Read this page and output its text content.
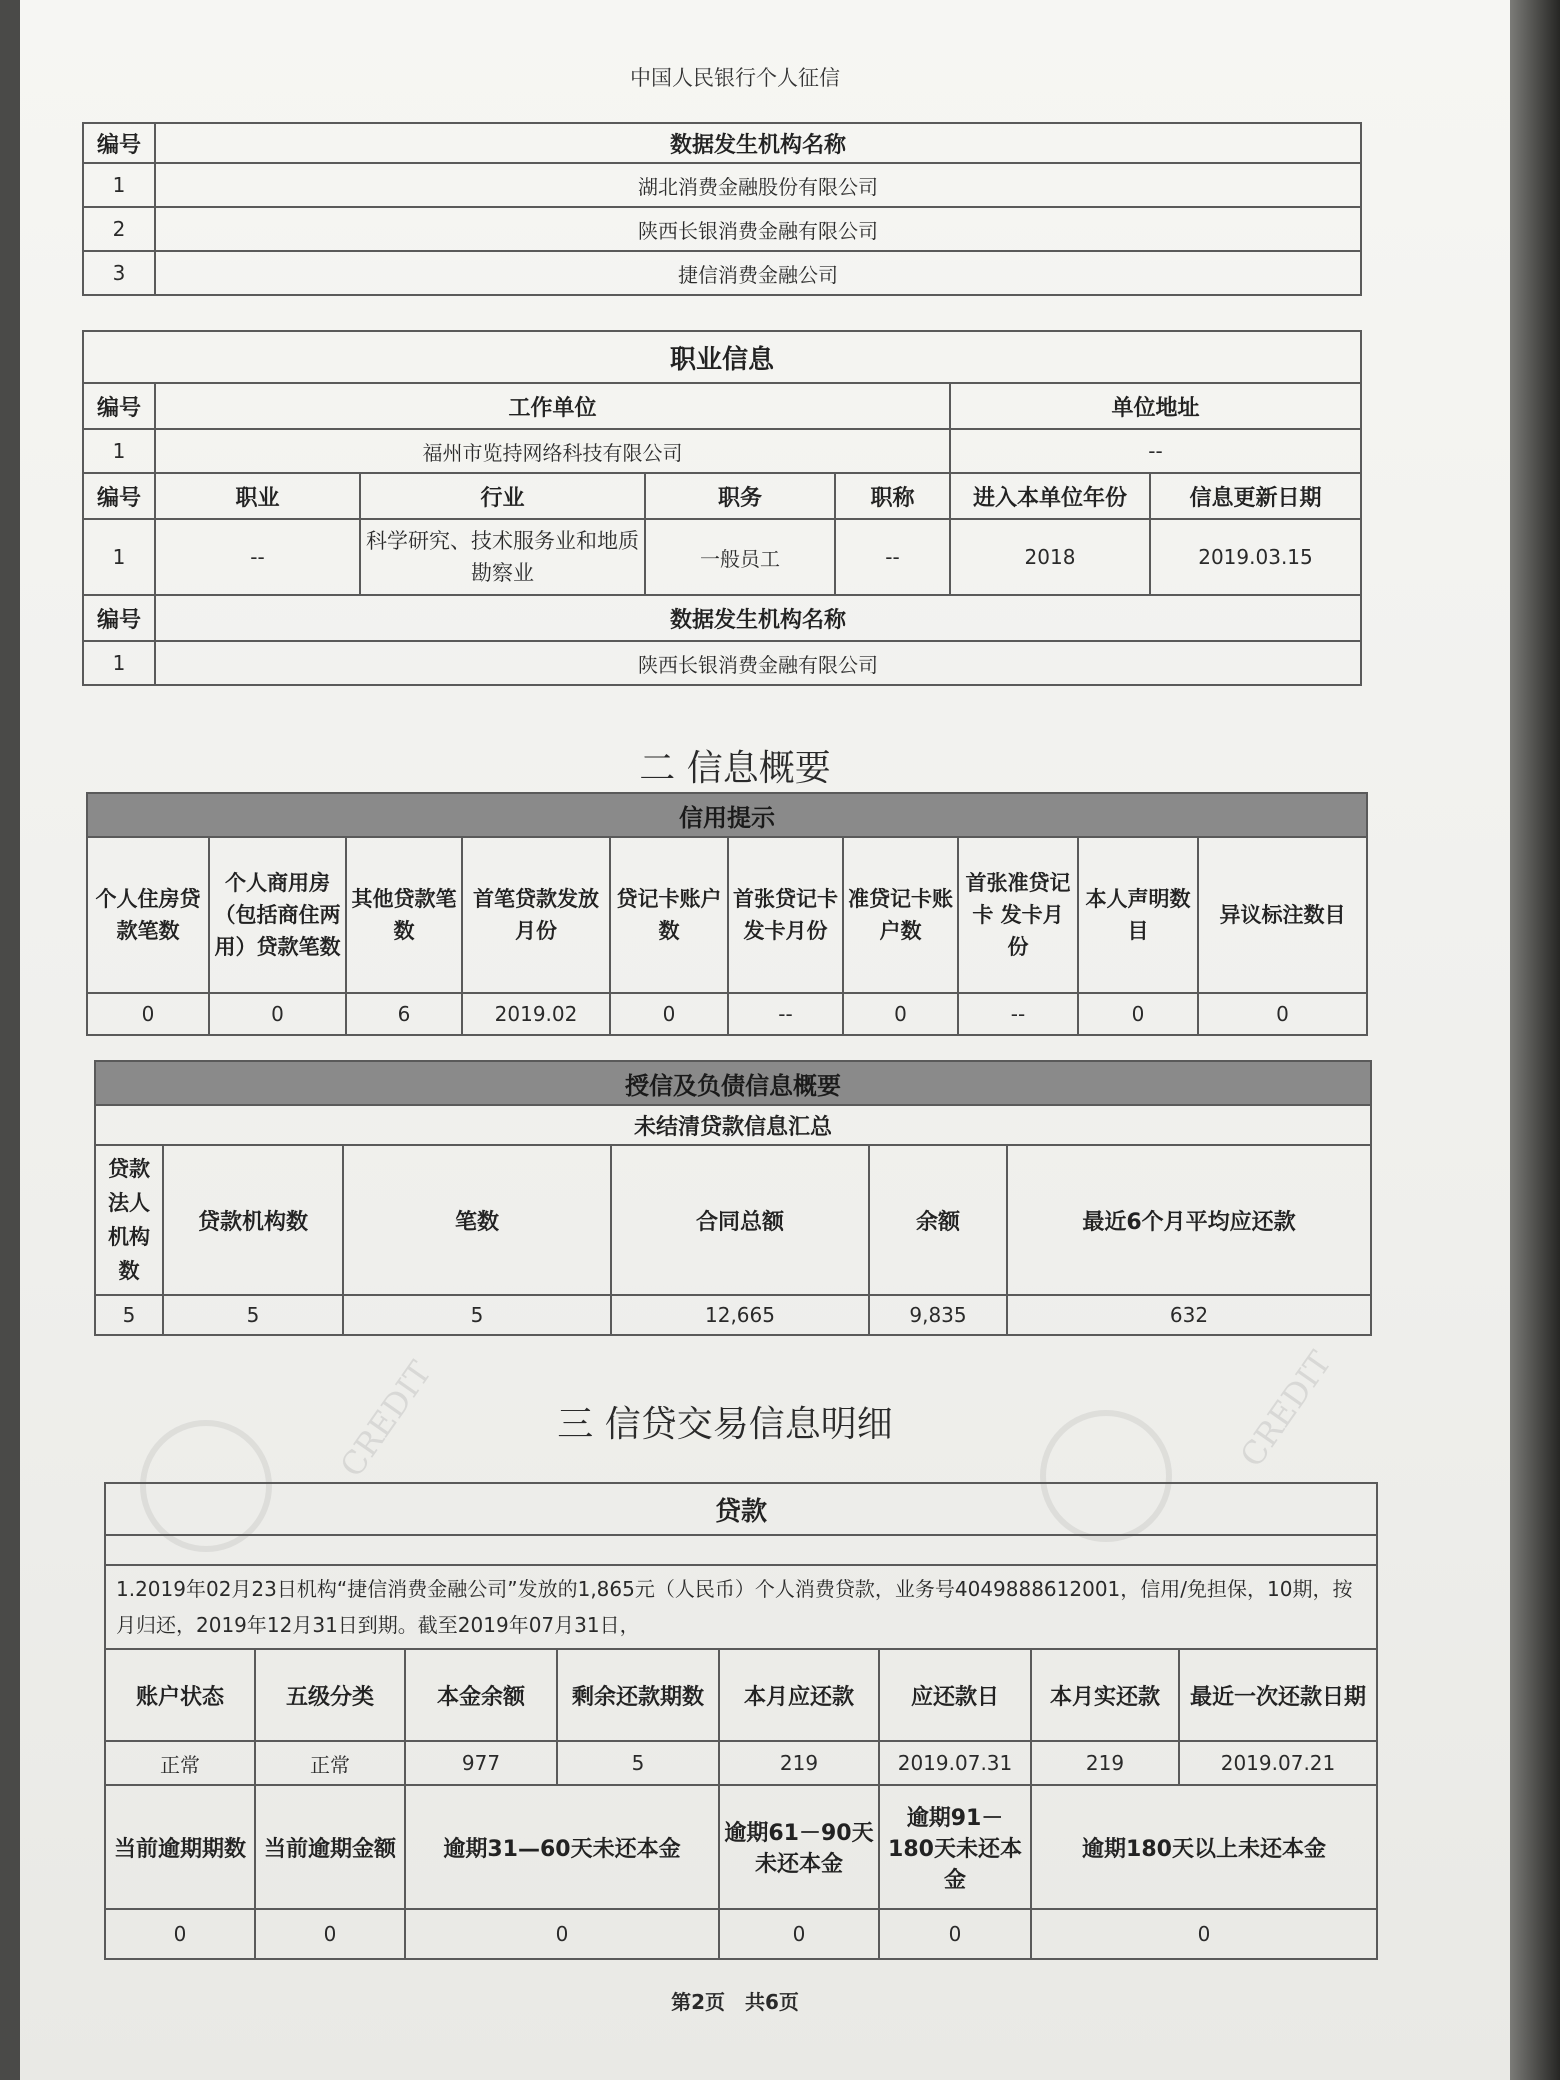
CREDIT	CREDIT
中国人民银行个人征信
编号	数据发生机构名称
1	湖北消费金融股份有限公司
2	陕西长银消费金融有限公司
3	捷信消费金融公司
职业信息						
编号	工作单位				单位地址	
1	福州市览持网络科技有限公司				--	
编号	职业	行业	职务	职称	进入本单位年份	信息更新日期
1	--	科学研究、技术服务业和地质勘察业	一般员工	--	2018	2019.03.15
编号	数据发生机构名称					
1	陕西长银消费金融有限公司					
二 信息概要
信用提示									
个人住房贷款笔数	个人商用房（包括商住两用）贷款笔数	其他贷款笔数	首笔贷款发放月份	贷记卡账户数	首张贷记卡 发卡月份	准贷记卡账户数	首张准贷记卡 发卡月份	本人声明数目	异议标注数目
0	0	6	2019.02	0	--	0	--	0	0
授信及负债信息概要					
未结清贷款信息汇总					
贷款法人机构数	贷款机构数	笔数	合同总额	余额	最近6个月平均应还款
5	5	5	12,665	9,835	632
三 信贷交易信息明细
贷款							

1.2019年02月23日机构“捷信消费金融公司”发放的1,865元（人民币）个人消费贷款，业务号4049888612001，信用/免担保，10期，按月归还，2019年12月31日到期。截至2019年07月31日，							
账户状态	五级分类	本金余额	剩余还款期数	本月应还款	应还款日	本月实还款	最近一次还款日期
正常	正常	977	5	219	2019.07.31	219	2019.07.21
当前逾期期数	当前逾期金额	逾期31—60天未还本金		逾期61－90天未还本金	逾期91－180天未还本金	逾期180天以上未还本金	
0	0	0		0	0	0	
第2页　共6页
